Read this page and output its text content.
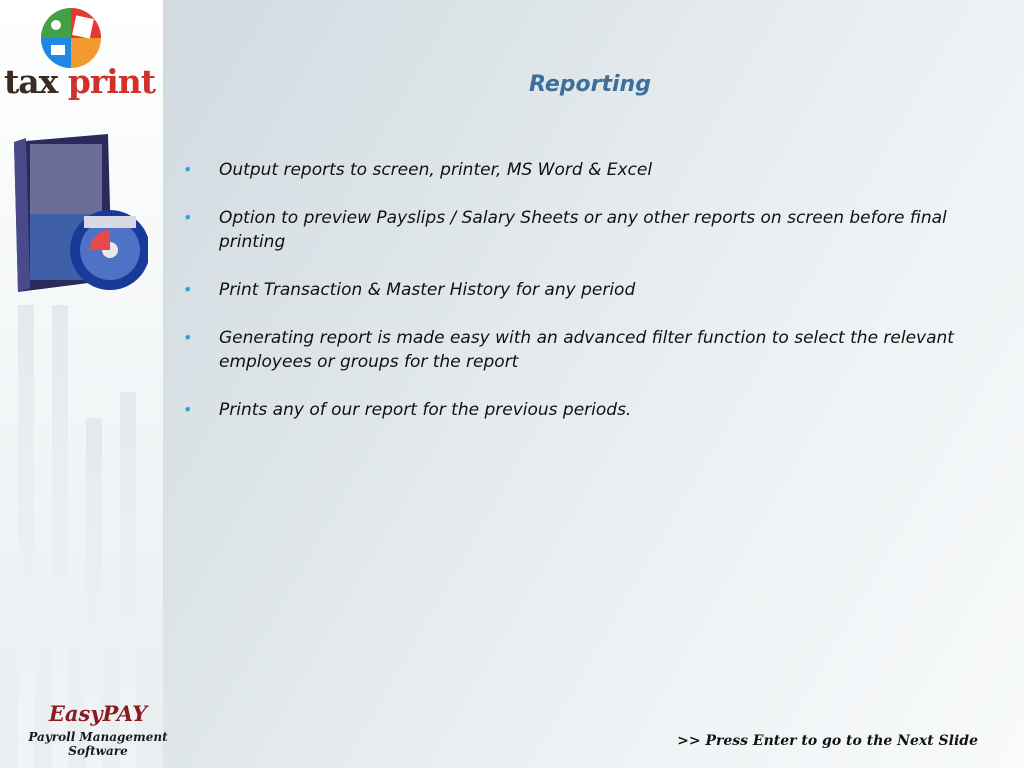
tax print
EasyPAY
Payroll Management Software
Reporting
• Output reports to screen, printer, MS Word & Excel
• Option to preview Payslips / Salary Sheets or any other reports on screen before final printing
• Print Transaction & Master History for any period
• Generating report is made easy with an advanced filter function to select the relevant employees or groups for the report
• Prints any of our report for the previous periods.
>> Press Enter to go to the Next Slide
